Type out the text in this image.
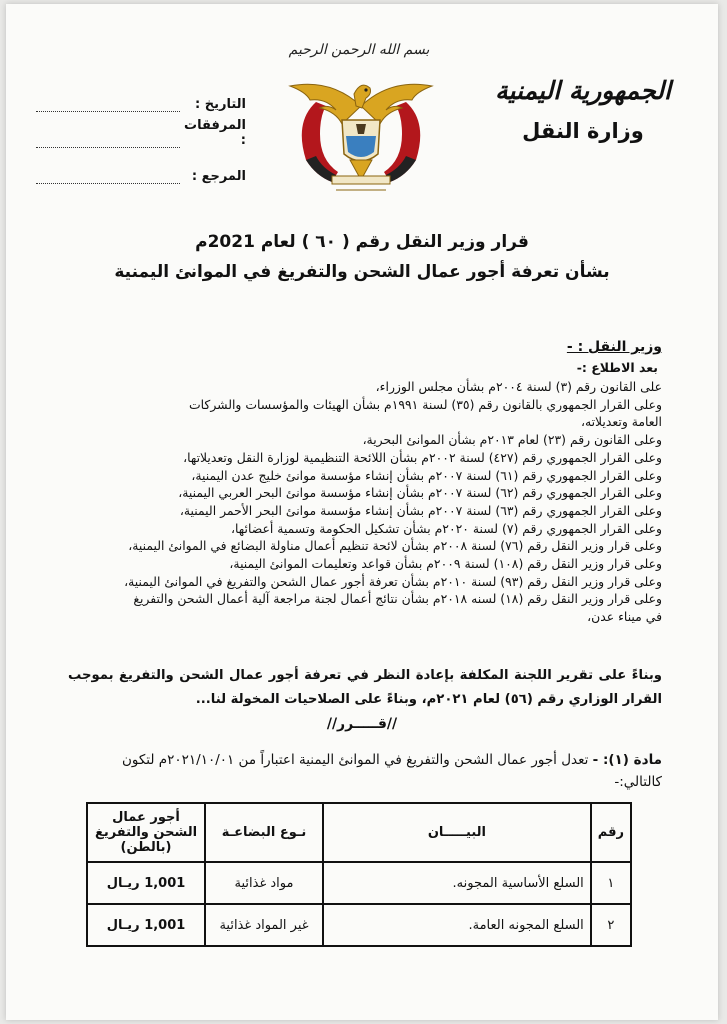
الجمهورية اليمنية
وزارة النقل
بسم الله الرحمن الرحيم
التاريخ :
المرفقات :
المرجع :
قرار وزير النقل رقم ( ٦٠ ) لعام 2021م
بشأن تعرفة أجور عمال الشحن والتفريغ في الموانئ اليمنية
وزير النقل : -
بعد الاطلاع :-
على القانون رقم (٣) لسنة ٢٠٠٤م بشأن مجلس الوزراء،
وعلى القرار الجمهوري بالقانون رقم (٣٥) لسنة ١٩٩١م بشأن الهيئات والمؤسسات والشركات
العامة وتعديلاته،
وعلى القانون رقم (٢٣) لعام ٢٠١٣م بشأن الموانئ البحرية،
وعلى القرار الجمهوري رقم (٤٢٧) لسنة ٢٠٠٢م بشأن اللائحة التنظيمية لوزارة النقل وتعديلاتها،
وعلى القرار الجمهوري رقم (٦١) لسنة ٢٠٠٧م بشأن إنشاء مؤسسة موانئ خليج عدن اليمنية،
وعلى القرار الجمهوري رقم (٦٢) لسنة ٢٠٠٧م بشأن إنشاء مؤسسة موانئ البحر العربي اليمنية،
وعلى القرار الجمهوري رقم (٦٣) لسنة ٢٠٠٧م بشأن إنشاء مؤسسة موانئ البحر الأحمر اليمنية،
وعلى القرار الجمهوري رقم (٧) لسنة ٢٠٢٠م بشأن تشكيل الحكومة وتسمية أعضائها،
وعلى قرار وزير النقل رقم (٧٦) لسنة ٢٠٠٨م بشأن لائحة تنظيم أعمال مناولة البضائع في الموانئ اليمنية،
وعلى قرار وزير النقل رقم (١٠٨) لسنة ٢٠٠٩م بشأن قواعد وتعليمات الموانئ اليمنية،
وعلى قرار وزير النقل رقم (٩٣) لسنة ٢٠١٠م بشأن تعرفة أجور عمال الشحن والتفريغ في الموانئ اليمنية،
وعلى قرار وزير النقل رقم (١٨) لسنه ٢٠١٨م بشأن نتائج أعمال لجنة مراجعة آلية أعمال الشحن والتفريغ
في ميناء عدن،
وبناءً على تقرير اللجنة المكلفة بإعادة النظر في تعرفة أجور عمال الشحن والتفريغ بموجب القرار الوزاري رقم (٥٦) لعام ٢٠٢١م، وبناءً على الصلاحيات المخولة لنا...
//قـــــرر//
مادة (١): - تعدل أجور عمال الشحن والتفريغ في الموانئ اليمنية اعتباراً من ٢٠٢١/١٠/٠١م لتكون كالتالي:-
رقم	البيـــــان	نـوع البضاعـة	أجور عمال الشحن والتفريغ (بالطن)
١	السلع الأساسية المجونه.	مواد غذائية	1,001 ريـال
٢	السلع المجونه العامة.	غير المواد غذائية	1,001 ريـال
